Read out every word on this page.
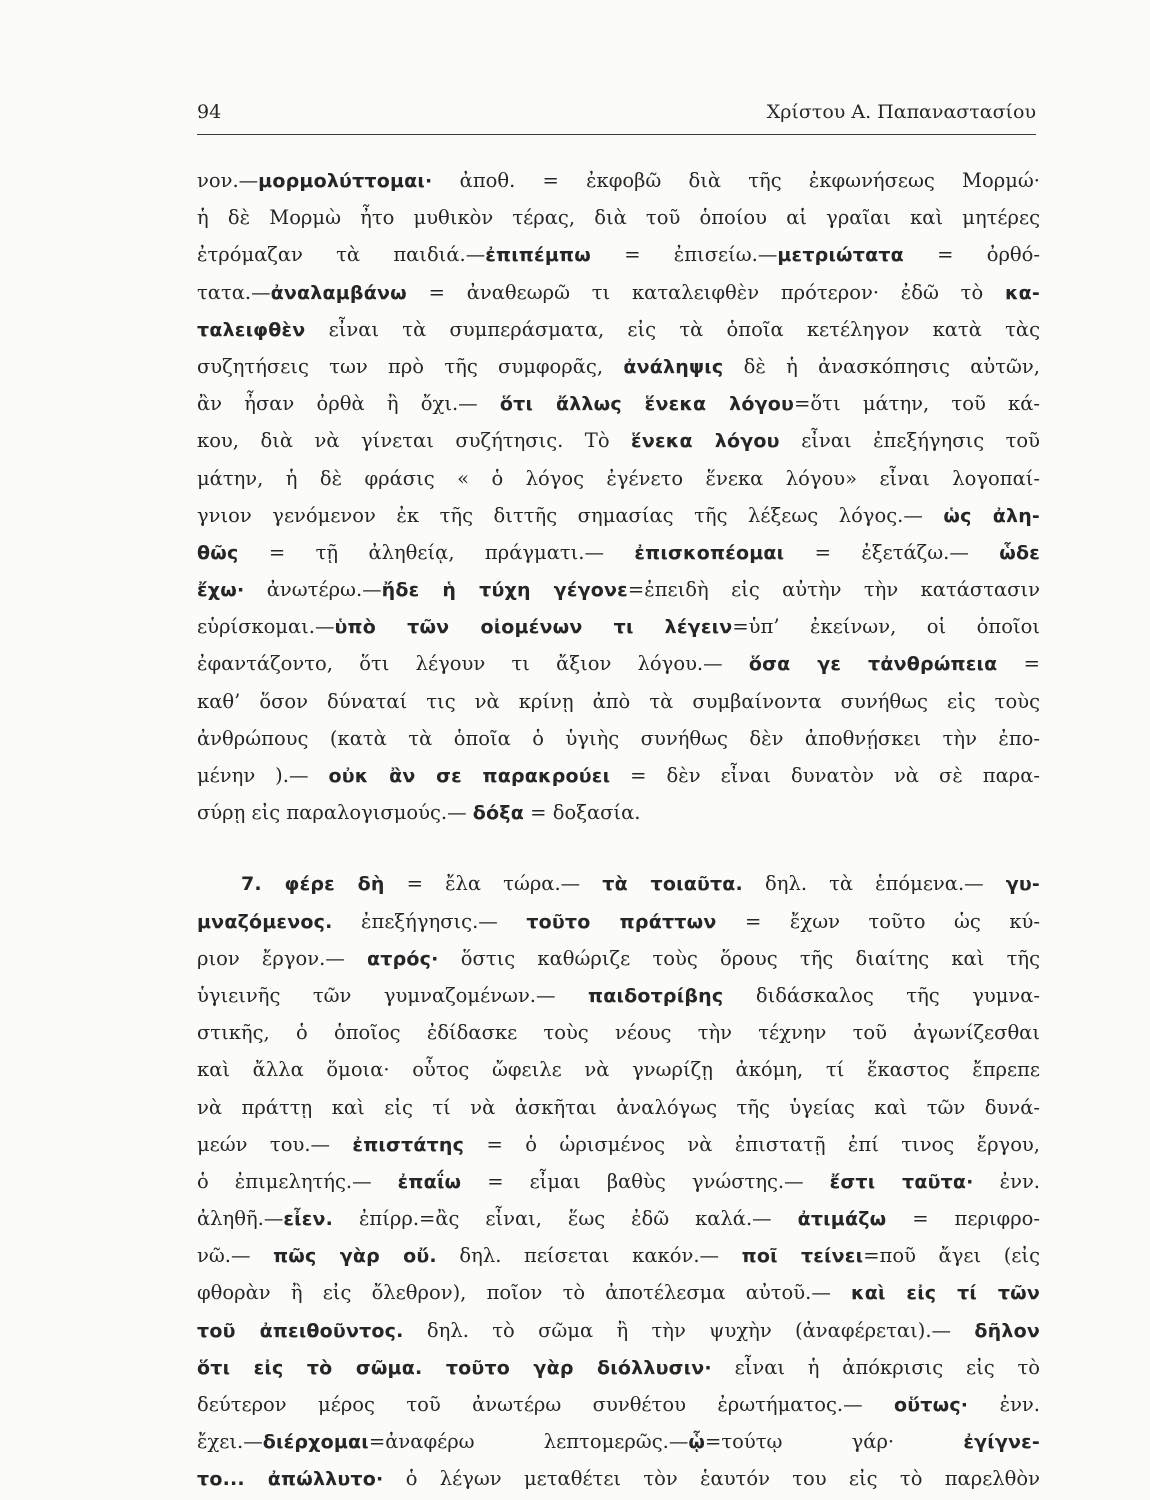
94	Χρίστου Α. Παπαναστασίου
νον.—μορμολύττομαι· ἀποθ. = ἐκφοβῶ διὰ τῆς ἐκφωνήσεως Μορμώ·
ἡ δὲ Μορμὼ ἦτο μυθικὸν τέρας, διὰ τοῦ ὁποίου αἱ γραῖαι καὶ μητέρες
ἐτρόμαζαν τὰ παιδιά.—ἐπιπέμπω = ἐπισείω.—μετριώτατα = ὀρθό-
τατα.—ἀναλαμβάνω = ἀναθεωρῶ τι καταλειφθὲν πρότερον· ἐδῶ τὸ κα-
ταλειφθὲν εἶναι τὰ συμπεράσματα, εἰς τὰ ὁποῖα κετέληγον κατὰ τὰς
συζητήσεις των πρὸ τῆς συμφορᾶς, ἀνάληψις δὲ ἡ ἀνασκόπησις αὐτῶν,
ἂν ἦσαν ὀρθὰ ἢ ὄχι.— ὅτι ἄλλως ἕνεκα λόγου=ὅτι μάτην, τοῦ κά-
κου, διὰ νὰ γίνεται συζήτησις. Τὸ ἕνεκα λόγου εἶναι ἐπεξήγησις τοῦ
μάτην, ἡ δὲ φράσις « ὁ λόγος ἐγένετο ἕνεκα λόγου» εἶναι λογοπαί-
γνιον γενόμενον ἐκ τῆς διττῆς σημασίας τῆς λέξεως λόγος.— ὡς ἀλη-
θῶς = τῇ ἀληθείᾳ, πράγματι.— ἐπισκοπέομαι = ἐξετάζω.— ὧδε
ἔχω· ἀνωτέρω.—ἤδε ἡ τύχη γέγονε=ἐπειδὴ εἰς αὐτὴν τὴν κατάστασιν
εὑρίσκομαι.—ὑπὸ τῶν οἰομένων τι λέγειν=ὑπ’ ἐκείνων, οἱ ὁποῖοι
ἐφαντάζοντο, ὅτι λέγουν τι ἄξιον λόγου.— ὅσα γε τἀνθρώπεια =
καθ’ ὅσον δύναταί τις νὰ κρίνῃ ἀπὸ τὰ συμβαίνοντα συνήθως εἰς τοὺς
ἀνθρώπους (κατὰ τὰ ὁποῖα ὁ ὑγιὴς συνήθως δὲν ἀποθνῄσκει τὴν ἐπο-
μένην ).— οὐκ ἂν σε παρακρούει = δὲν εἶναι δυνατὸν νὰ σὲ παρα-
σύρῃ εἰς παραλογισμούς.— δόξα = δοξασία.
7. φέρε δὴ = ἔλα τώρα.— τὰ τοιαῦτα. δηλ. τὰ ἑπόμενα.— γυ-
μναζόμενος. ἐπεξήγησις.— τοῦτο πράττων = ἔχων τοῦτο ὡς κύ-
ριον ἔργον.— ατρός· ὅστις καθώριζε τοὺς ὅρους τῆς διαίτης καὶ τῆς
ὑγιεινῆς τῶν γυμναζομένων.— παιδοτρίβης διδάσκαλος τῆς γυμνα-
στικῆς, ὁ ὁποῖος ἐδίδασκε τοὺς νέους τὴν τέχνην τοῦ ἀγωνίζεσθαι
καὶ ἄλλα ὅμοια· οὗτος ὤφειλε νὰ γνωρίζῃ ἀκόμη, τί ἕκαστος ἔπρεπε
νὰ πράττῃ καὶ εἰς τί νὰ ἀσκῆται ἀναλόγως τῆς ὑγείας καὶ τῶν δυνά-
μεών του.— ἐπιστάτης = ὁ ὡρισμένος νὰ ἐπιστατῇ ἐπί τινος ἔργου,
ὁ ἐπιμελητής.— ἐπαΐω = εἶμαι βαθὺς γνώστης.— ἔστι ταῦτα· ἐνν.
ἀληθῆ.—εἶεν. ἐπίρρ.=ἂς εἶναι, ἕως ἐδῶ καλά.— ἀτιμάζω = περιφρο-
νῶ.— πῶς γὰρ οὔ. δηλ. πείσεται κακόν.— ποῖ τείνει=ποῦ ἄγει (εἰς
φθορὰν ἢ εἰς ὄλεθρον), ποῖον τὸ ἀποτέλεσμα αὐτοῦ.— καὶ εἰς τί τῶν
τοῦ ἀπειθοῦντος. δηλ. τὸ σῶμα ἢ τὴν ψυχὴν (ἀναφέρεται).— δῆλον
ὅτι εἰς τὸ σῶμα. τοῦτο γὰρ διόλλυσιν· εἶναι ἡ ἀπόκρισις εἰς τὸ
δεύτερον μέρος τοῦ ἀνωτέρω συνθέτου ἐρωτήματος.— οὕτως· ἐνν.
ἔχει.—διέρχομαι=ἀναφέρω λεπτομερῶς.—ᾧ=τούτῳ γάρ· ἐγίγνε-
το... ἀπώλλυτο· ὁ λέγων μεταθέτει τὸν ἑαυτόν του εἰς τὸ παρελθὸν
